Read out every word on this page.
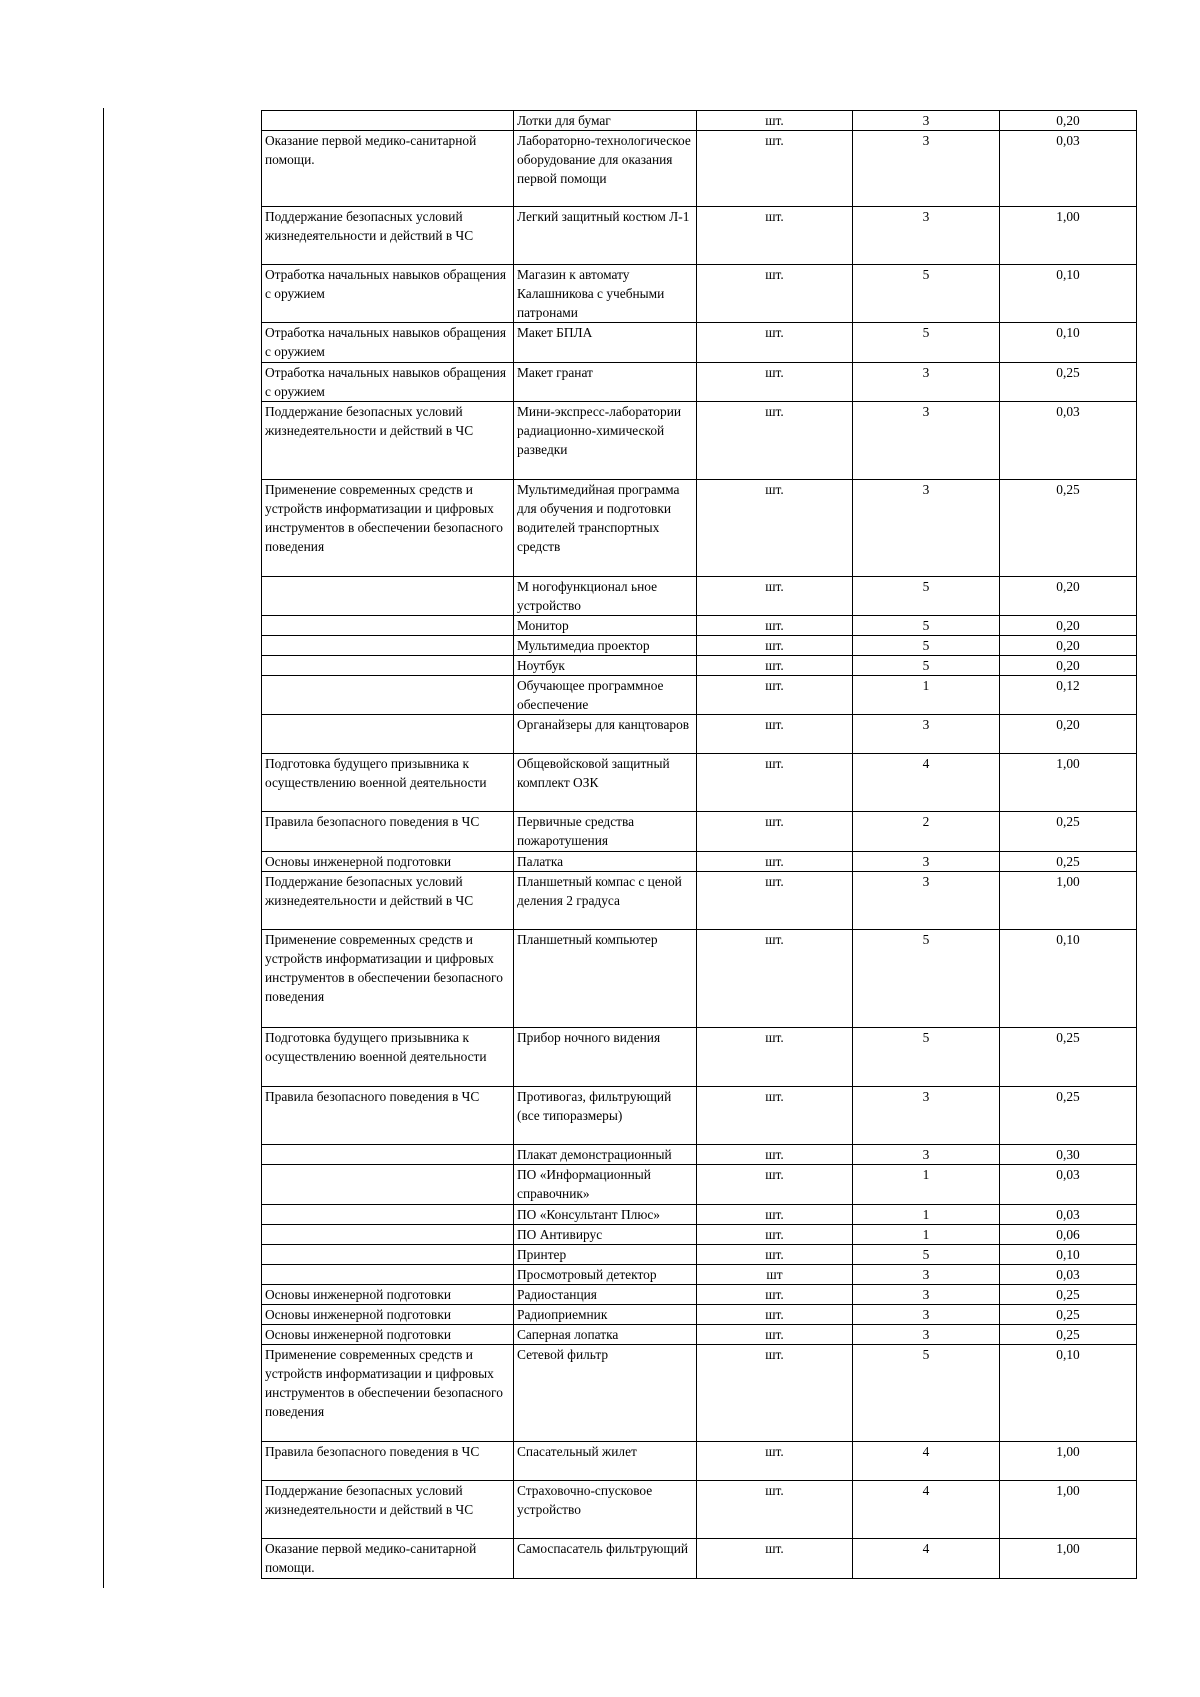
	Лотки для бумаг	шт.	3	0,20
Оказание первой медико-санитарной помощи.	Лабораторно-технологическое оборудование для оказания первой помощи	шт.	3	0,03
Поддержание безопасных условий жизнедеятельности и действий в ЧС	Легкий защитный костюм Л-1	шт.	3	1,00
Отработка начальных навыков обращения с оружием	Магазин к автомату Калашникова с учебными патронами	шт.	5	0,10
Отработка начальных навыков обращения с оружием	Макет БПЛА	шт.	5	0,10
Отработка начальных навыков обращения с оружием	Макет гранат	шт.	3	0,25
Поддержание безопасных условий жизнедеятельности и действий в ЧС	Мини-экспресс-лаборатории радиационно-химической разведки	шт.	3	0,03
Применение современных средств и устройств информатизации и цифровых инструментов в обеспечении безопасного поведения	Мультимедийная программа для обучения и подготовки водителей транспортных средств	шт.	3	0,25
	М ногофункционал ьное устройство	шт.	5	0,20
	Монитор	шт.	5	0,20
	Мультимедиа проектор	шт.	5	0,20
	Ноутбук	шт.	5	0,20
	Обучающее программное обеспечение	шт.	1	0,12
	Органайзеры для канцтоваров	шт.	3	0,20
Подготовка будущего призывника к осуществлению военной деятельности	Общевойсковой защитный комплект ОЗК	шт.	4	1,00
Правила безопасного поведения в ЧС	Первичные средства пожаротушения	шт.	2	0,25
Основы инженерной подготовки	Палатка	шт.	3	0,25
Поддержание безопасных условий жизнедеятельности и действий в ЧС	Планшетный компас с ценой деления 2 градуса	шт.	3	1,00
Применение современных средств и устройств информатизации и цифровых инструментов в обеспечении безопасного поведения	Планшетный компьютер	шт.	5	0,10
Подготовка будущего призывника к осуществлению военной деятельности	Прибор ночного видения	шт.	5	0,25
Правила безопасного поведения в ЧС	Противогаз, фильтрующий (все типоразмеры)	шт.	3	0,25
	Плакат демонстрационный	шт.	3	0,30
	ПО «Информационный справочник»	шт.	1	0,03
	ПО «Консультант Плюс»	шт.	1	0,03
	ПО Антивирус	шт.	1	0,06
	Принтер	шт.	5	0,10
	Просмотровый детектор	шт	3	0,03
Основы инженерной подготовки	Радиостанция	шт.	3	0,25
Основы инженерной подготовки	Радиоприемник	шт.	3	0,25
Основы инженерной подготовки	Саперная лопатка	шт.	3	0,25
Применение современных средств и устройств информатизации и цифровых инструментов в обеспечении безопасного поведения	Сетевой фильтр	шт.	5	0,10
Правила безопасного поведения в ЧС	Спасательный жилет	шт.	4	1,00
Поддержание безопасных условий жизнедеятельности и действий в ЧС	Страховочно-спусковое устройство	шт.	4	1,00
Оказание первой медико-санитарной помощи.	Самоспасатель фильтрующий	шт.	4	1,00
